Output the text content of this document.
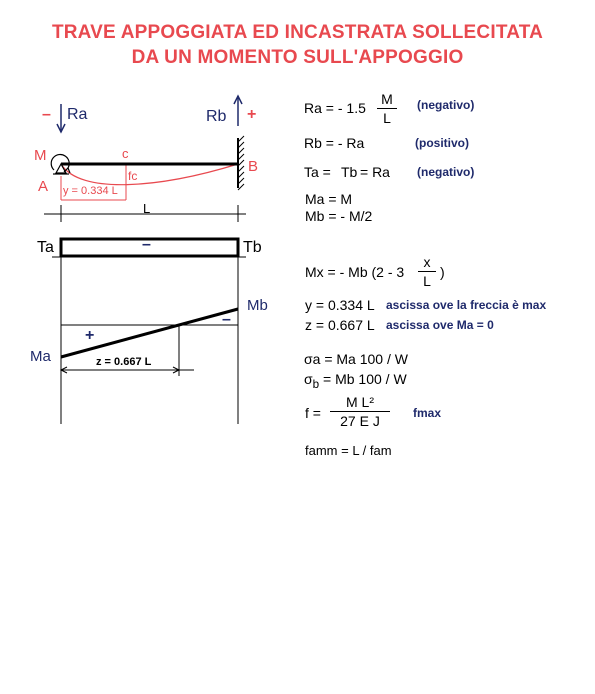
TRAVE APPOGGIATA ED INCASTRATA SOLLECITATA
DA UN MOMENTO SULL'APPOGGIO
– Ra	Rb +
M
A
B
c
fc
y = 0.334 L
L
Ta	Tb
–
Ma
Mb
+
–
z = 0.667 L
Ra = - 1.5
M
L
(negativo)
Rb = - Ra	(positivo)
Ta = Tb = Ra (negativo)
Ma = M
Mb = - M/2
Mx = - Mb (2 - 3
x
L
)
y = 0.334 L ascissa ove la freccia è max
z = 0.667 L ascissa ove Ma = 0
σa = Ma 100 / W
$\sigma_b = Mb$ 100 / W
f =
M L²
27 E J	fmax
famm = L / fam
